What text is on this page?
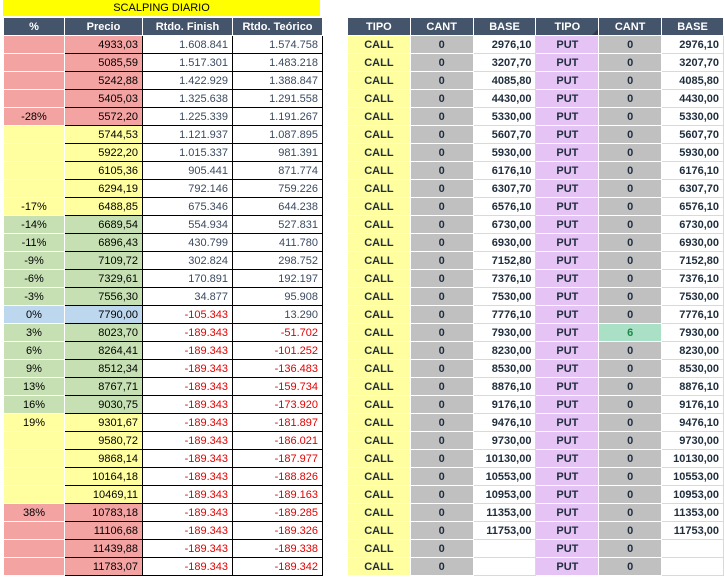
SCALPING DIARIO
%	Precio	Rtdo. Finish	Rtdo. Teórico
	4933,03	1.608.841	1.574.758
	5085,59	1.517.301	1.483.218
	5242,88	1.422.929	1.388.847
	5405,03	1.325.638	1.291.558
-28%	5572,20	1.225.339	1.191.267
	5744,53	1.121.937	1.087.895
	5922,20	1.015.337	981.391
	6105,36	905.441	871.774
	6294,19	792.146	759.226
-17%	6488,85	675.346	644.238
-14%	6689,54	554.934	527.831
-11%	6896,43	430.799	411.780
-9%	7109,72	302.824	298.752
-6%	7329,61	170.891	192.197
-3%	7556,30	34.877	95.908
0%	7790,00	-105.343	13.290
3%	8023,70	-189.343	-51.702
6%	8264,41	-189.343	-101.252
9%	8512,34	-189.343	-136.483
13%	8767,71	-189.343	-159.734
16%	9030,75	-189.343	-173.920
19%	9301,67	-189.343	-181.897
	9580,72	-189.343	-186.021
	9868,14	-189.343	-187.977
	10164,18	-189.343	-188.826
	10469,11	-189.343	-189.163
38%	10783,18	-189.343	-189.285
	11106,68	-189.343	-189.326
	11439,88	-189.343	-189.338
	11783,07	-189.343	-189.342
TIPO	CANT	BASE	TIPO	CANT	BASE
CALL	0	2976,10	PUT	0	2976,10
CALL	0	3207,70	PUT	0	3207,70
CALL	0	4085,80	PUT	0	4085,80
CALL	0	4430,00	PUT	0	4430,00
CALL	0	5330,00	PUT	0	5330,00
CALL	0	5607,70	PUT	0	5607,70
CALL	0	5930,00	PUT	0	5930,00
CALL	0	6176,10	PUT	0	6176,10
CALL	0	6307,70	PUT	0	6307,70
CALL	0	6576,10	PUT	0	6576,10
CALL	0	6730,00	PUT	0	6730,00
CALL	0	6930,00	PUT	0	6930,00
CALL	0	7152,80	PUT	0	7152,80
CALL	0	7376,10	PUT	0	7376,10
CALL	0	7530,00	PUT	0	7530,00
CALL	0	7776,10	PUT	0	7776,10
CALL	0	7930,00	PUT	6	7930,00
CALL	0	8230,00	PUT	0	8230,00
CALL	0	8530,00	PUT	0	8530,00
CALL	0	8876,10	PUT	0	8876,10
CALL	0	9176,10	PUT	0	9176,10
CALL	0	9476,10	PUT	0	9476,10
CALL	0	9730,00	PUT	0	9730,00
CALL	0	10130,00	PUT	0	10130,00
CALL	0	10553,00	PUT	0	10553,00
CALL	0	10953,00	PUT	0	10953,00
CALL	0	11353,00	PUT	0	11353,00
CALL	0	11753,00	PUT	0	11753,00
CALL	0		PUT	0	
CALL	0		PUT	0	
